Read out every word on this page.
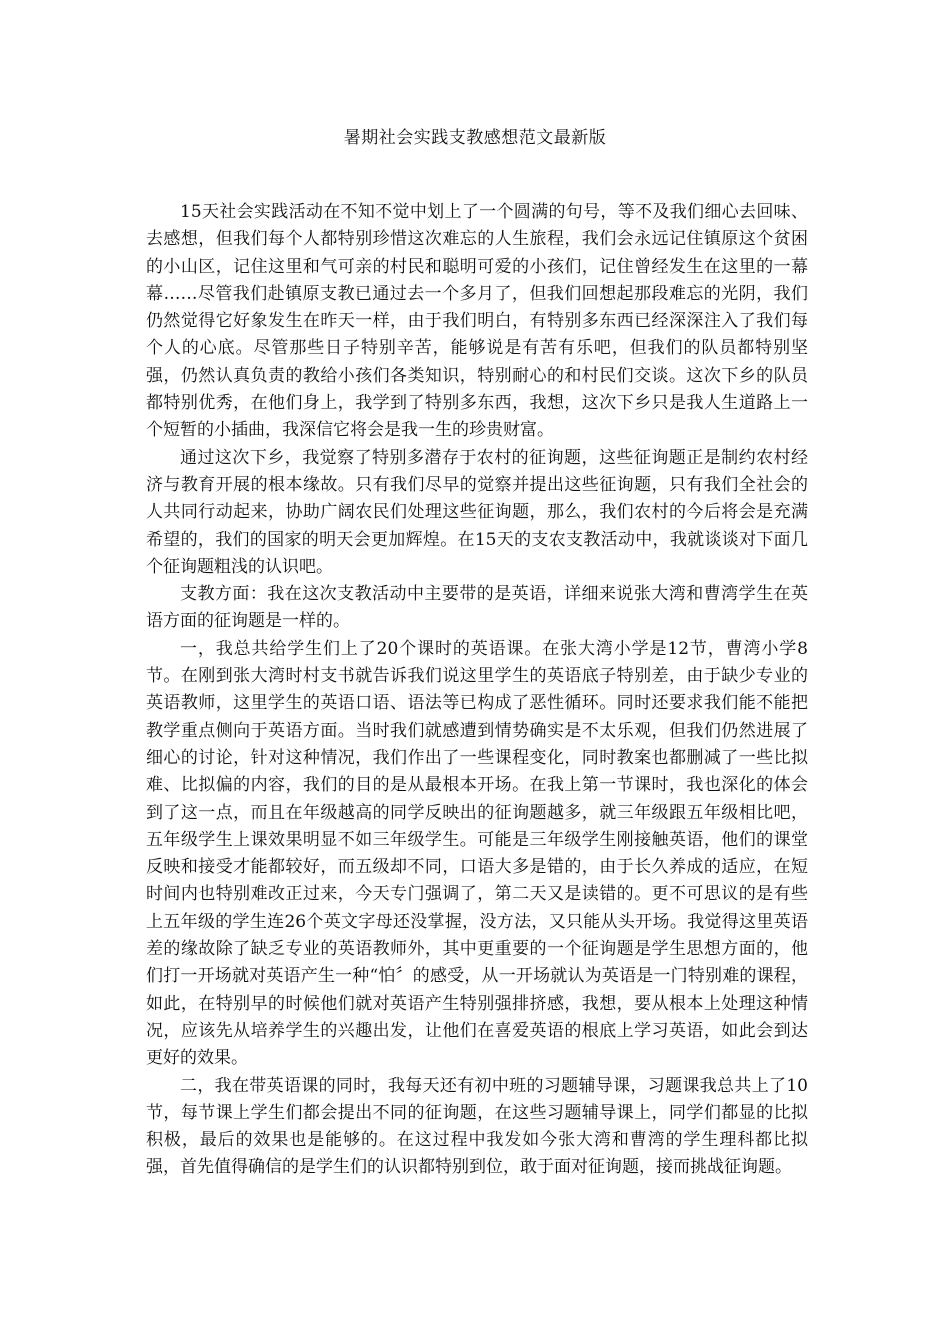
暑期社会实践支教感想范文最新版

15天社会实践活动在不知不觉中划上了一个圆满的句号，等不及我们细心去回味、去感想，但我们每个人都特别珍惜这次难忘的人生旅程，我们会永远记住镇原这个贫困的小山区，记住这里和气可亲的村民和聪明可爱的小孩们，记住曾经发生在这里的一幕幕……尽管我们赴镇原支教已通过去一个多月了，但我们回想起那段难忘的光阴，我们仍然觉得它好象发生在昨天一样，由于我们明白，有特别多东西已经深深注入了我们每个人的心底。尽管那些日子特别辛苦，能够说是有苦有乐吧，但我们的队员都特别坚强，仍然认真负责的教给小孩们各类知识，特别耐心的和村民们交谈。这次下乡的队员都特别优秀，在他们身上，我学到了特别多东西，我想，这次下乡只是我人生道路上一个短暂的小插曲，我深信它将会是我一生的珍贵财富。

通过这次下乡，我觉察了特别多潜存于农村的征询题，这些征询题正是制约农村经济与教育开展的根本缘故。只有我们尽早的觉察并提出这些征询题，只有我们全社会的人共同行动起来，协助广阔农民们处理这些征询题，那么，我们农村的今后将会是充满希望的，我们的国家的明天会更加辉煌。在15天的支农支教活动中，我就谈谈对下面几个征询题粗浅的认识吧。

支教方面：我在这次支教活动中主要带的是英语，详细来说张大湾和曹湾学生在英语方面的征询题是一样的。

一，我总共给学生们上了20个课时的英语课。在张大湾小学是12节，曹湾小学8节。在刚到张大湾时村支书就告诉我们说这里学生的英语底子特别差，由于缺少专业的英语教师，这里学生的英语口语、语法等已构成了恶性循环。同时还要求我们能不能把教学重点侧向于英语方面。当时我们就感遭到情势确实是不太乐观，但我们仍然进展了细心的讨论，针对这种情况，我们作出了一些课程变化，同时教案也都删减了一些比拟难、比拟偏的内容，我们的目的是从最根本开场。在我上第一节课时，我也深化的体会到了这一点，而且在年级越高的同学反映出的征询题越多，就三年级跟五年级相比吧，五年级学生上课效果明显不如三年级学生。可能是三年级学生刚接触英语，他们的课堂反映和接受才能都较好，而五级却不同，口语大多是错的，由于长久养成的适应，在短时间内也特别难改正过来，今天专门强调了，第二天又是读错的。更不可思议的是有些上五年级的学生连26个英文字母还没掌握，没方法，又只能从头开场。我觉得这里英语差的缘故除了缺乏专业的英语教师外，其中更重要的一个征询题是学生思想方面的，他们打一开场就对英语产生一种“怕〞的感受，从一开场就认为英语是一门特别难的课程，如此，在特别早的时候他们就对英语产生特别强排挤感，我想，要从根本上处理这种情况，应该先从培养学生的兴趣出发，让他们在喜爱英语的根底上学习英语，如此会到达更好的效果。

二，我在带英语课的同时，我每天还有初中班的习题辅导课，习题课我总共上了10节，每节课上学生们都会提出不同的征询题，在这些习题辅导课上，同学们都显的比拟积极，最后的效果也是能够的。在这过程中我发如今张大湾和曹湾的学生理科都比拟强，首先值得确信的是学生们的认识都特别到位，敢于面对征询题，接而挑战征询题。
